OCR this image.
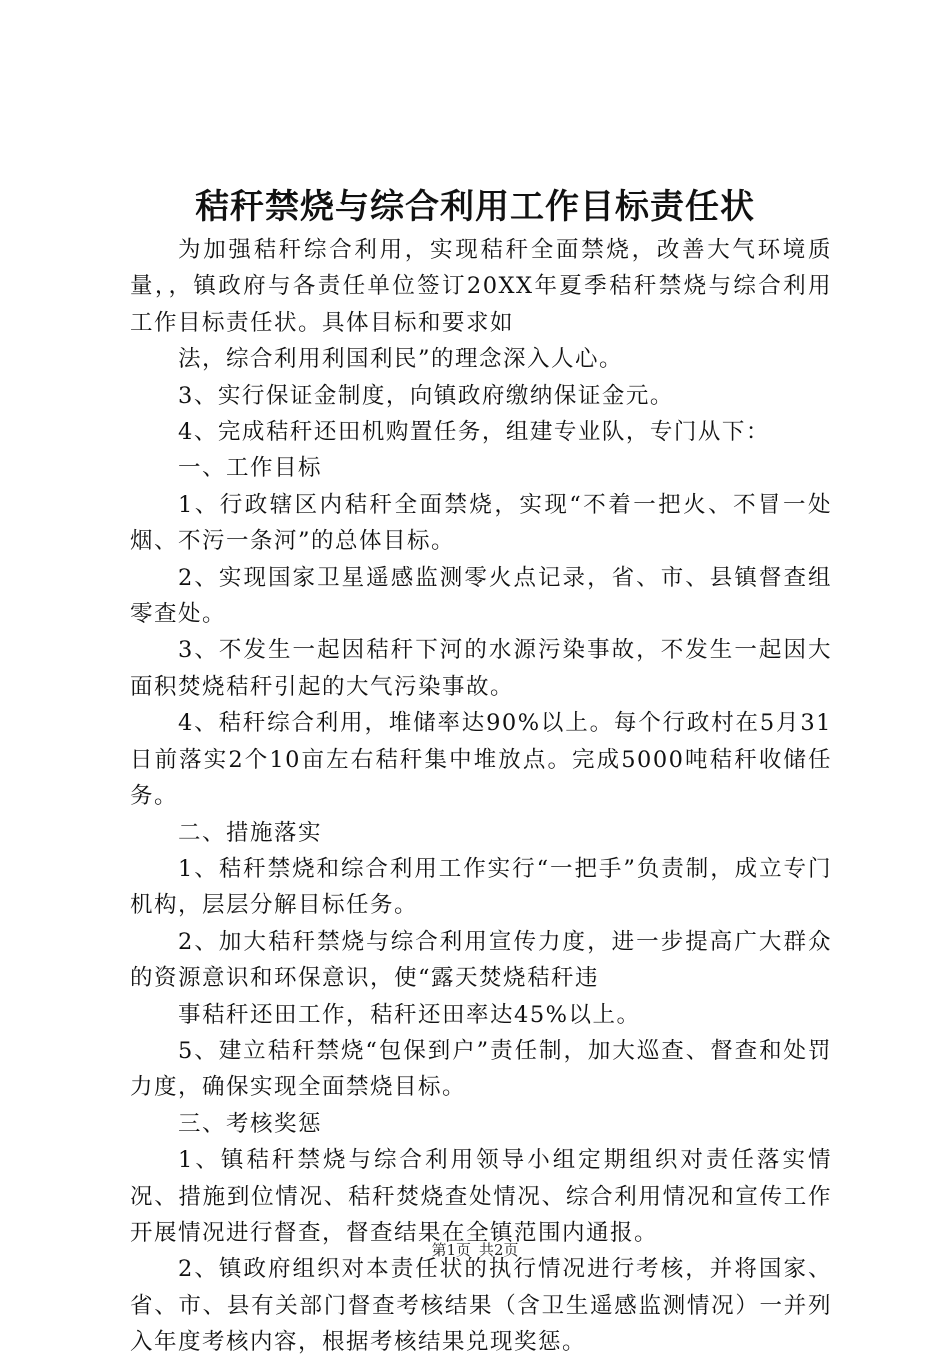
秸秆禁烧与综合利用工作目标责任状

为加强秸秆综合利用，实现秸秆全面禁烧，改善大气环境质量，，镇政府与各责任单位签订20XX年夏季秸秆禁烧与综合利用工作目标责任状。具体目标和要求如

法，综合利用利国利民”的理念深入人心。

3、实行保证金制度，向镇政府缴纳保证金元。

4、完成秸秆还田机购置任务，组建专业队，专门从下：

一、工作目标

1、行政辖区内秸秆全面禁烧，实现“不着一把火、不冒一处烟、不污一条河”的总体目标。

2、实现国家卫星遥感监测零火点记录，省、市、县镇督查组零查处。

3、不发生一起因秸秆下河的水源污染事故，不发生一起因大面积焚烧秸秆引起的大气污染事故。

4、秸秆综合利用，堆储率达90%以上。每个行政村在5月31日前落实2个10亩左右秸秆集中堆放点。完成5000吨秸秆收储任务。

二、措施落实

1、秸秆禁烧和综合利用工作实行“一把手”负责制，成立专门机构，层层分解目标任务。

2、加大秸秆禁烧与综合利用宣传力度，进一步提高广大群众的资源意识和环保意识，使“露天焚烧秸秆违

事秸秆还田工作，秸秆还田率达45%以上。

5、建立秸秆禁烧“包保到户”责任制，加大巡查、督查和处罚力度，确保实现全面禁烧目标。

三、考核奖惩

1、镇秸秆禁烧与综合利用领导小组定期组织对责任落实情况、措施到位情况、秸秆焚烧查处情况、综合利用情况和宣传工作开展情况进行督查，督查结果在全镇范围内通报。

2、镇政府组织对本责任状的执行情况进行考核，并将国家、省、市、县有关部门督查考核结果（含卫生遥感监测情况）一并列入年度考核内容，根据考核结果兑现奖惩。

第1页 共2页
